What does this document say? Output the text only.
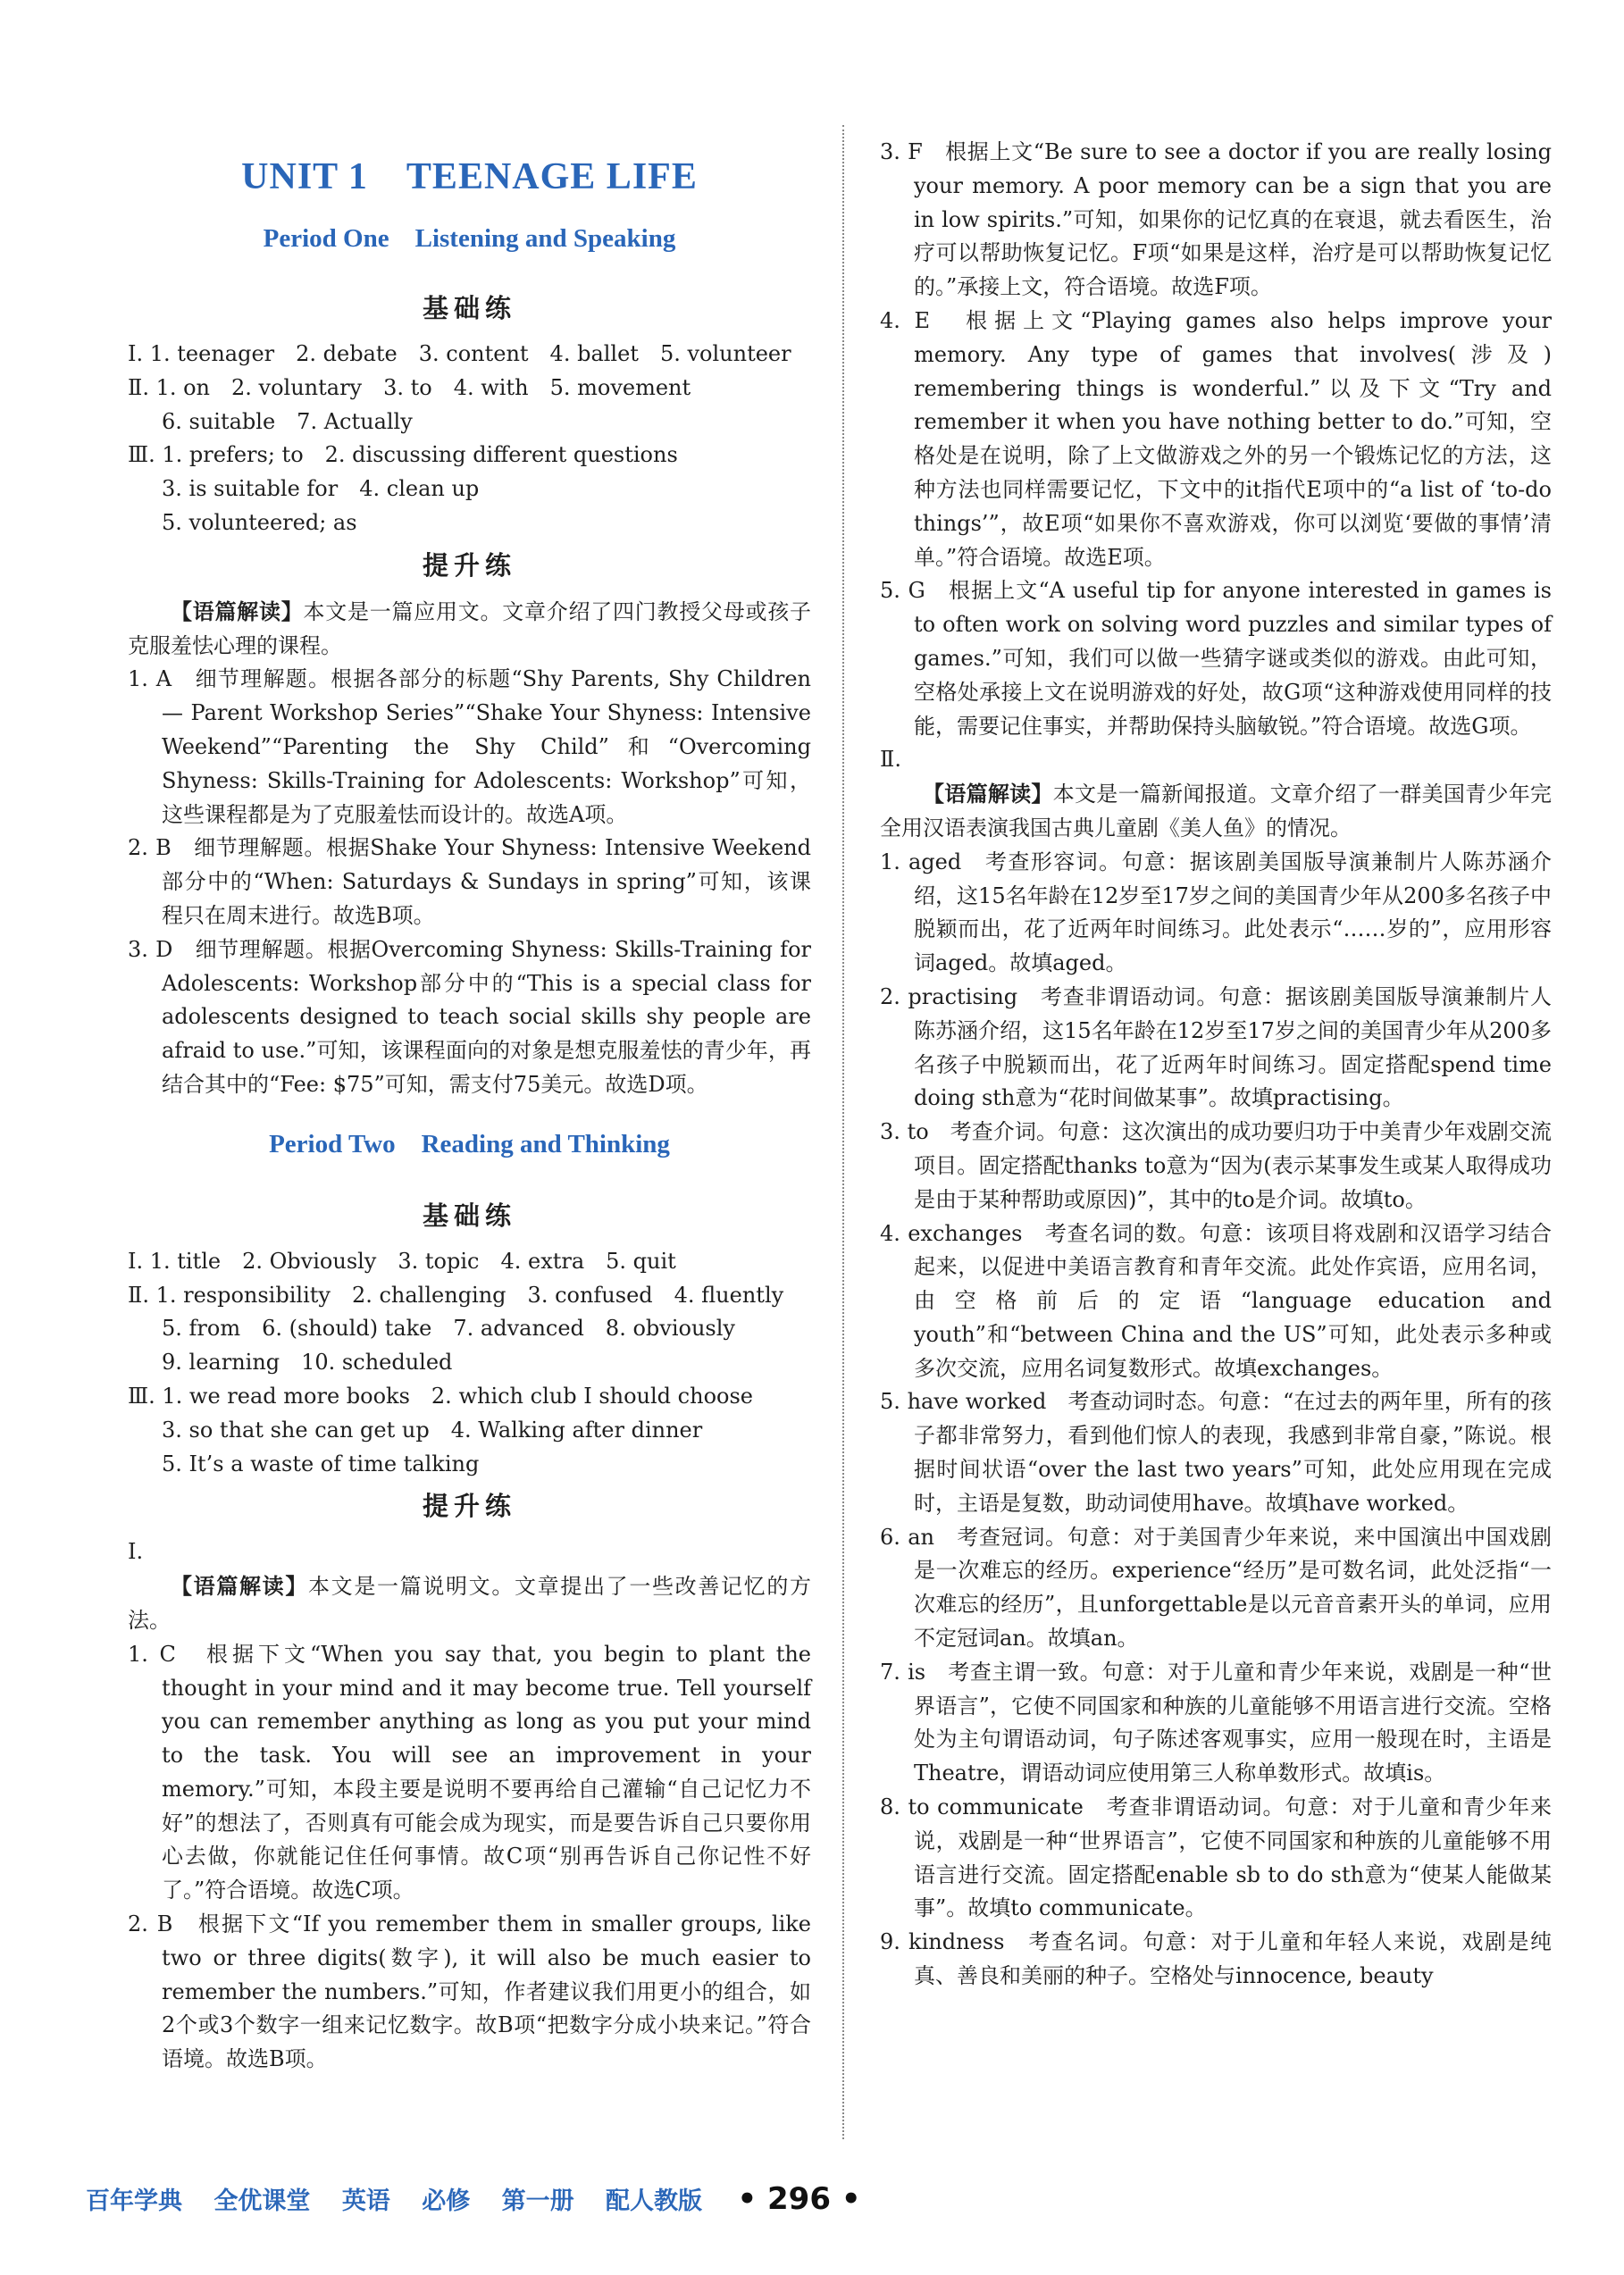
UNIT 1　TEENAGE LIFE
Period One　Listening and Speaking
基础练

Ⅰ. 1. teenager　2. debate　3. content　4. ballet　5. volunteer

Ⅱ. 1. on　2. voluntary　3. to　4. with　5. movement

6. suitable　7. Actually

Ⅲ. 1. prefers; to　2. discussing different questions

3. is suitable for　4. clean up

5. volunteered; as

提升练

【语篇解读】本文是一篇应用文。文章介绍了四门教授父母或孩子克服羞怯心理的课程。

1. A　细节理解题。根据各部分的标题“Shy Parents, Shy Children — Parent Workshop Series”“Shake Your Shyness: Intensive Weekend”“Parenting the Shy Child”和“Overcoming Shyness: Skills-Training for Adolescents: Workshop”可知，这些课程都是为了克服羞怯而设计的。故选A项。

2. B　细节理解题。根据Shake Your Shyness: Intensive Weekend部分中的“When: Saturdays & Sundays in spring”可知，该课程只在周末进行。故选B项。

3. D　细节理解题。根据Overcoming Shyness: Skills-Training for Adolescents: Workshop部分中的“This is a special class for adolescents designed to teach social skills shy people are afraid to use.”可知，该课程面向的对象是想克服羞怯的青少年，再结合其中的“Fee: $75”可知，需支付75美元。故选D项。

Period Two　Reading and Thinking
基础练

Ⅰ. 1. title　2. Obviously　3. topic　4. extra　5. quit

Ⅱ. 1. responsibility　2. challenging　3. confused　4. fluently

5. from　6. (should) take　7. advanced　8. obviously

9. learning　10. scheduled

Ⅲ. 1. we read more books　2. which club I should choose

3. so that she can get up　4. Walking after dinner

5. It’s a waste of time talking

提升练

Ⅰ.

【语篇解读】本文是一篇说明文。文章提出了一些改善记忆的方法。

1. C　根据下文“When you say that, you begin to plant the thought in your mind and it may become true. Tell yourself you can remember anything as long as you put your mind to the task. You will see an improvement in your memory.”可知，本段主要是说明不要再给自己灌输“自己记忆力不好”的想法了，否则真有可能会成为现实，而是要告诉自己只要你用心去做，你就能记住任何事情。故C项“别再告诉自己你记性不好了。”符合语境。故选C项。

2. B　根据下文“If you remember them in smaller groups, like two or three digits(数字), it will also be much easier to remember the numbers.”可知，作者建议我们用更小的组合，如2个或3个数字一组来记忆数字。故B项“把数字分成小块来记。”符合语境。故选B项。

3. F　根据上文“Be sure to see a doctor if you are really losing your memory. A poor memory can be a sign that you are in low spirits.”可知，如果你的记忆真的在衰退，就去看医生，治疗可以帮助恢复记忆。F项“如果是这样，治疗是可以帮助恢复记忆的。”承接上文，符合语境。故选F项。

4. E　根据上文“Playing games also helps improve your memory. Any type of games that involves(涉及) remembering things is wonderful.”以及下文“Try and remember it when you have nothing better to do.”可知，空格处是在说明，除了上文做游戏之外的另一个锻炼记忆的方法，这种方法也同样需要记忆，下文中的it指代E项中的“a list of ‘to-do things’”，故E项“如果你不喜欢游戏，你可以浏览‘要做的事情’清单。”符合语境。故选E项。

5. G　根据上文“A useful tip for anyone interested in games is to often work on solving word puzzles and similar types of games.”可知，我们可以做一些猜字谜或类似的游戏。由此可知，空格处承接上文在说明游戏的好处，故G项“这种游戏使用同样的技能，需要记住事实，并帮助保持头脑敏锐。”符合语境。故选G项。

Ⅱ.

【语篇解读】本文是一篇新闻报道。文章介绍了一群美国青少年完全用汉语表演我国古典儿童剧《美人鱼》的情况。

1. aged　考查形容词。句意：据该剧美国版导演兼制片人陈苏涵介绍，这15名年龄在12岁至17岁之间的美国青少年从200多名孩子中脱颖而出，花了近两年时间练习。此处表示“……岁的”，应用形容词aged。故填aged。

2. practising　考查非谓语动词。句意：据该剧美国版导演兼制片人陈苏涵介绍，这15名年龄在12岁至17岁之间的美国青少年从200多名孩子中脱颖而出，花了近两年时间练习。固定搭配spend time doing sth意为“花时间做某事”。故填practising。

3. to　考查介词。句意：这次演出的成功要归功于中美青少年戏剧交流项目。固定搭配thanks to意为“因为(表示某事发生或某人取得成功是由于某种帮助或原因)”，其中的to是介词。故填to。

4. exchanges　考查名词的数。句意：该项目将戏剧和汉语学习结合起来，以促进中美语言教育和青年交流。此处作宾语，应用名词，由空格前后的定语“language education and youth”和“between China and the US”可知，此处表示多种或多次交流，应用名词复数形式。故填exchanges。

5. have worked　考查动词时态。句意：“在过去的两年里，所有的孩子都非常努力，看到他们惊人的表现，我感到非常自豪，”陈说。根据时间状语“over the last two years”可知，此处应用现在完成时，主语是复数，助动词使用have。故填have worked。

6. an　考查冠词。句意：对于美国青少年来说，来中国演出中国戏剧是一次难忘的经历。experience“经历”是可数名词，此处泛指“一次难忘的经历”，且unforgettable是以元音音素开头的单词，应用不定冠词an。故填an。

7. is　考查主谓一致。句意：对于儿童和青少年来说，戏剧是一种“世界语言”，它使不同国家和种族的儿童能够不用语言进行交流。空格处为主句谓语动词，句子陈述客观事实，应用一般现在时，主语是Theatre，谓语动词应使用第三人称单数形式。故填is。

8. to communicate　考查非谓语动词。句意：对于儿童和青少年来说，戏剧是一种“世界语言”，它使不同国家和种族的儿童能够不用语言进行交流。固定搭配enable sb to do sth意为“使某人能做某事”。故填to communicate。

9. kindness　考查名词。句意：对于儿童和年轻人来说，戏剧是纯真、善良和美丽的种子。空格处与innocence, beauty

百年学典 全优课堂 英语 必修 第一册 配人教版 • 296 •
